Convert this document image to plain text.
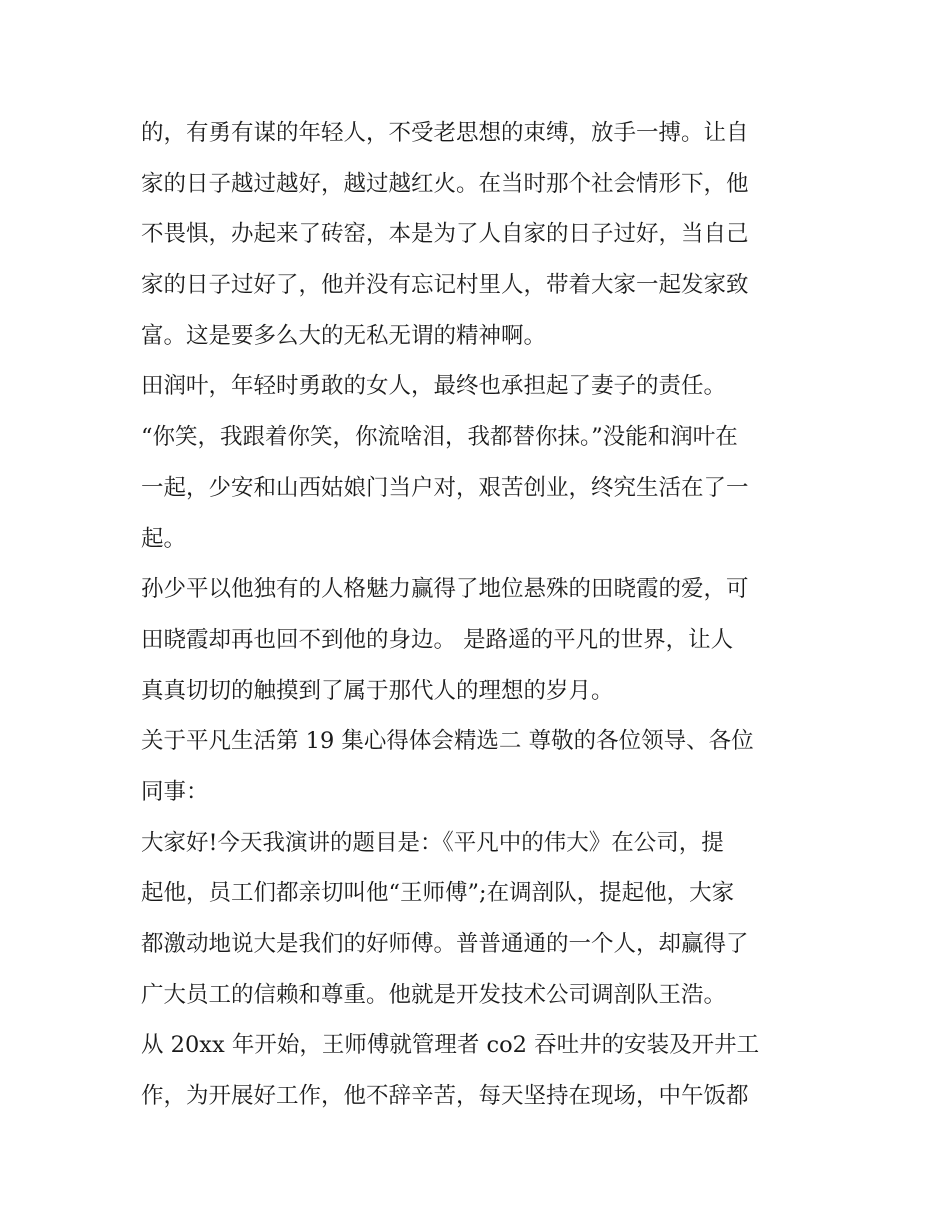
的，有勇有谋的年轻人，不受老思想的束缚，放手一搏。让自
家的日子越过越好，越过越红火。在当时那个社会情形下，他
不畏惧，办起来了砖窑，本是为了人自家的日子过好，当自己
家的日子过好了，他并没有忘记村里人，带着大家一起发家致
富。这是要多么大的无私无谓的精神啊。
田润叶，年轻时勇敢的女人，最终也承担起了妻子的责任。
“你笑，我跟着你笑，你流啥泪，我都替你抹。”没能和润叶在
一起，少安和山西姑娘门当户对，艰苦创业，终究生活在了一
起。
孙少平以他独有的人格魅力赢得了地位悬殊的田晓霞的爱，可
田晓霞却再也回不到他的身边。 是路遥的平凡的世界，让人
真真切切的触摸到了属于那代人的理想的岁月。
关于平凡生活第 19 集心得体会精选二 尊敬的各位领导、各位
同事：
大家好!今天我演讲的题目是：《平凡中的伟大》在公司，提
起他，员工们都亲切叫他“王师傅”;在调剖队，提起他，大家
都激动地说大是我们的好师傅。普普通通的一个人，却赢得了
广大员工的信赖和尊重。他就是开发技术公司调剖队王浩。
从 20xx 年开始，王师傅就管理者 co2 吞吐井的安装及开井工
作，为开展好工作，他不辞辛苦，每天坚持在现场，中午饭都
